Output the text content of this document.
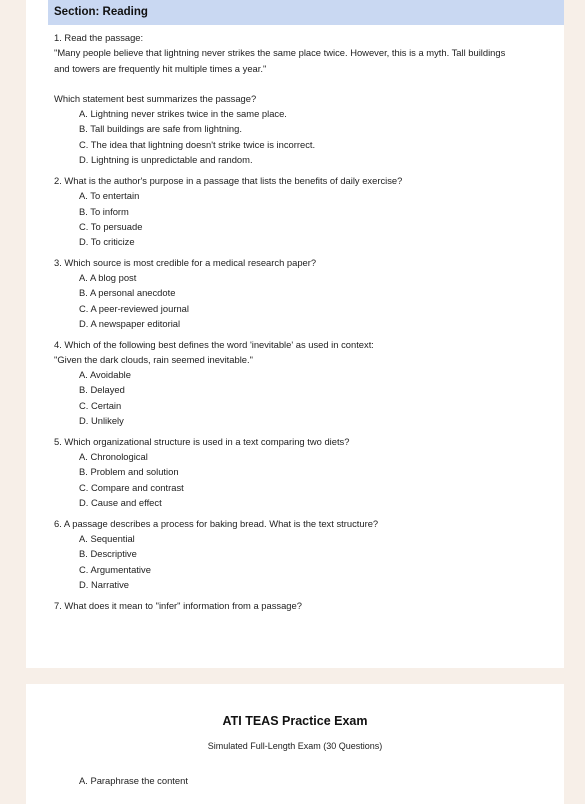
Section: Reading
1. Read the passage:
"Many people believe that lightning never strikes the same place twice. However, this is a myth. Tall buildings
and towers are frequently hit multiple times a year."
Which statement best summarizes the passage?
A. Lightning never strikes twice in the same place.
B. Tall buildings are safe from lightning.
C. The idea that lightning doesn't strike twice is incorrect.
D. Lightning is unpredictable and random.
2. What is the author's purpose in a passage that lists the benefits of daily exercise?
A. To entertain
B. To inform
C. To persuade
D. To criticize
3. Which source is most credible for a medical research paper?
A. A blog post
B. A personal anecdote
C. A peer-reviewed journal
D. A newspaper editorial
4. Which of the following best defines the word 'inevitable' as used in context:
"Given the dark clouds, rain seemed inevitable."
A. Avoidable
B. Delayed
C. Certain
D. Unlikely
5. Which organizational structure is used in a text comparing two diets?
A. Chronological
B. Problem and solution
C. Compare and contrast
D. Cause and effect
6. A passage describes a process for baking bread. What is the text structure?
A. Sequential
B. Descriptive
C. Argumentative
D. Narrative
7. What does it mean to "infer" information from a passage?
ATI TEAS Practice Exam
Simulated Full-Length Exam (30 Questions)
A. Paraphrase the content
